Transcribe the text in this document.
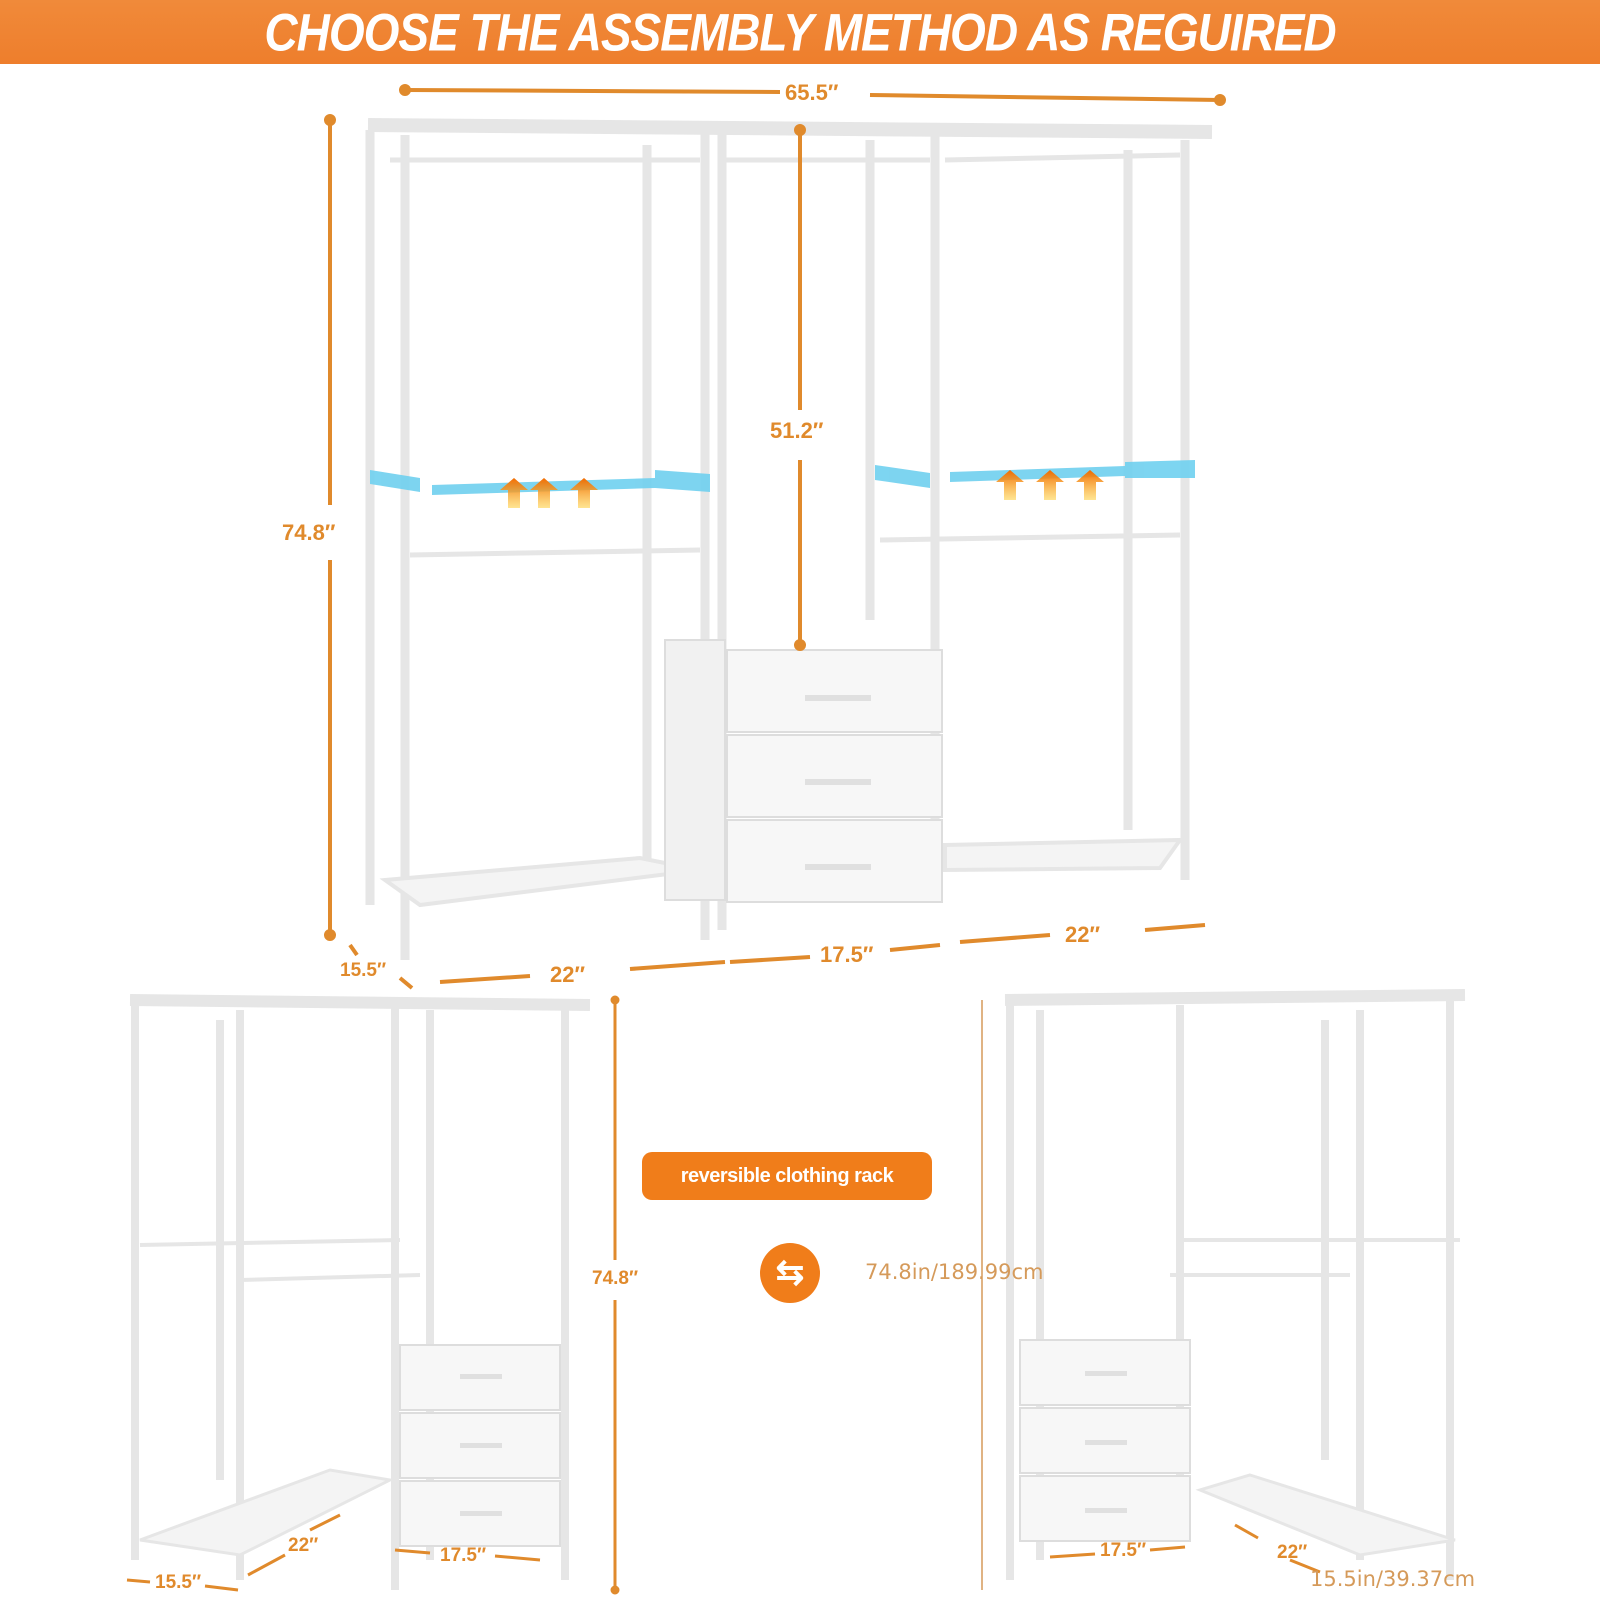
CHOOSE THE ASSEMBLY METHOD AS REGUIRED
65.5″
74.8″
51.2″
15.5″	22″
17.5″
22″
reversible clothing rack
⇆	74.8in/189.99cm
74.8″
22″
15.5″
17.5″	17.5″	22″
15.5in/39.37cm
